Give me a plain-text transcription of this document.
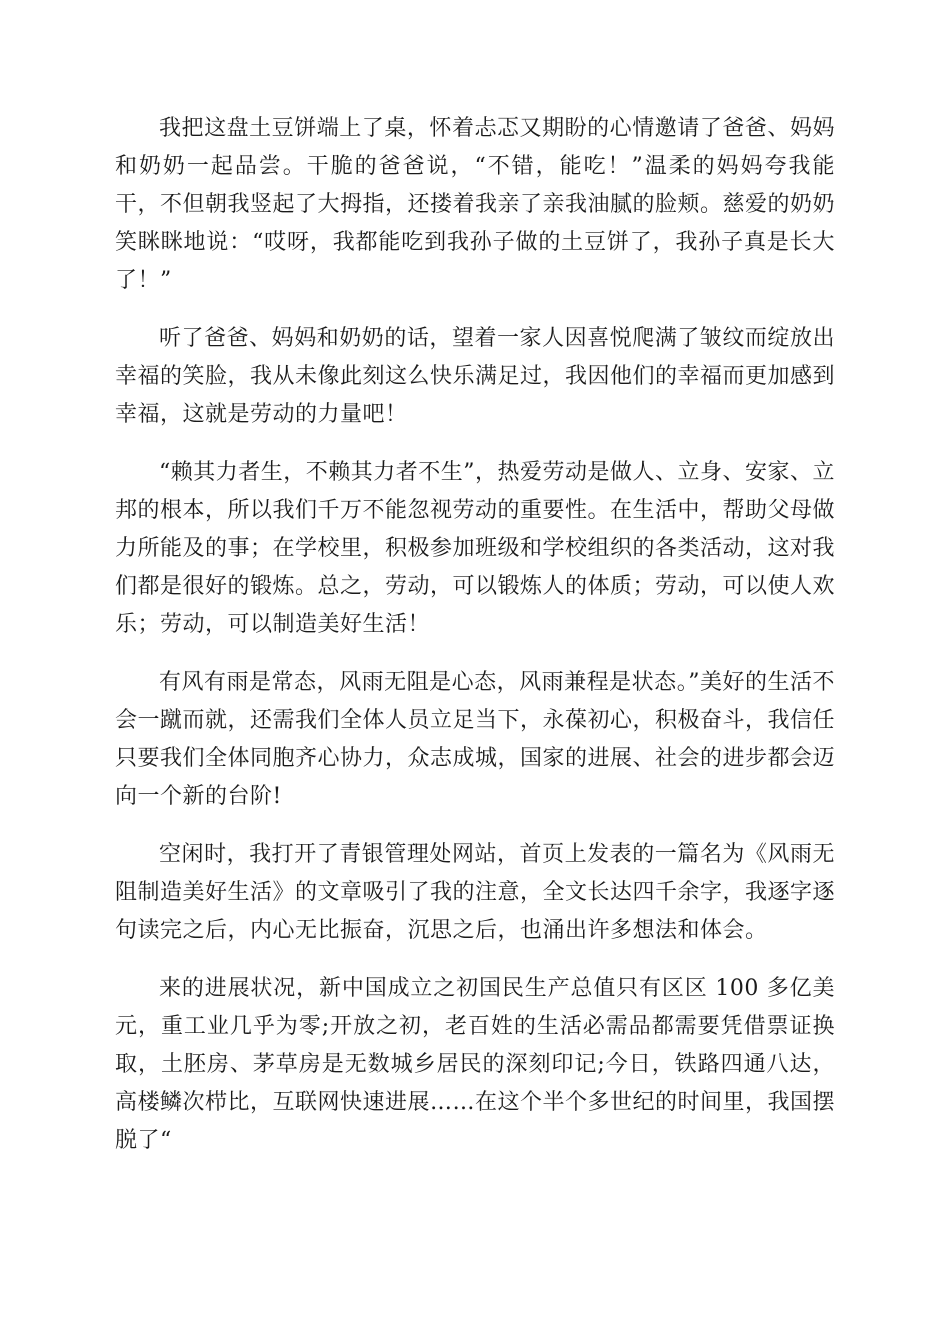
我把这盘土豆饼端上了桌，怀着忐忑又期盼的心情邀请了爸爸、妈妈和奶奶一起品尝。干脆的爸爸说，“不错，能吃！”温柔的妈妈夸我能干，不但朝我竖起了大拇指，还搂着我亲了亲我油腻的脸颊。慈爱的奶奶笑眯眯地说：“哎呀，我都能吃到我孙子做的土豆饼了，我孙子真是长大了！”

听了爸爸、妈妈和奶奶的话，望着一家人因喜悦爬满了皱纹而绽放出幸福的笑脸，我从未像此刻这么快乐满足过，我因他们的幸福而更加感到幸福，这就是劳动的力量吧！

“赖其力者生，不赖其力者不生”，热爱劳动是做人、立身、安家、立邦的根本，所以我们千万不能忽视劳动的重要性。在生活中，帮助父母做力所能及的事；在学校里，积极参加班级和学校组织的各类活动，这对我们都是很好的锻炼。总之，劳动，可以锻炼人的体质；劳动，可以使人欢乐；劳动，可以制造美好生活！

有风有雨是常态，风雨无阻是心态，风雨兼程是状态。”美好的生活不会一蹴而就，还需我们全体人员立足当下，永葆初心，积极奋斗，我信任只要我们全体同胞齐心协力，众志成城，国家的进展、社会的进步都会迈向一个新的台阶!

空闲时，我打开了青银管理处网站，首页上发表的一篇名为《风雨无阻制造美好生活》的文章吸引了我的注意，全文长达四千余字，我逐字逐句读完之后，内心无比振奋，沉思之后，也涌出许多想法和体会。

来的进展状况，新中国成立之初国民生产总值只有区区 100 多亿美元，重工业几乎为零;开放之初，老百姓的生活必需品都需要凭借票证换取，土胚房、茅草房是无数城乡居民的深刻印记;今日，铁路四通八达，高楼鳞次栉比，互联网快速进展……在这个半个多世纪的时间里，我国摆脱了“
